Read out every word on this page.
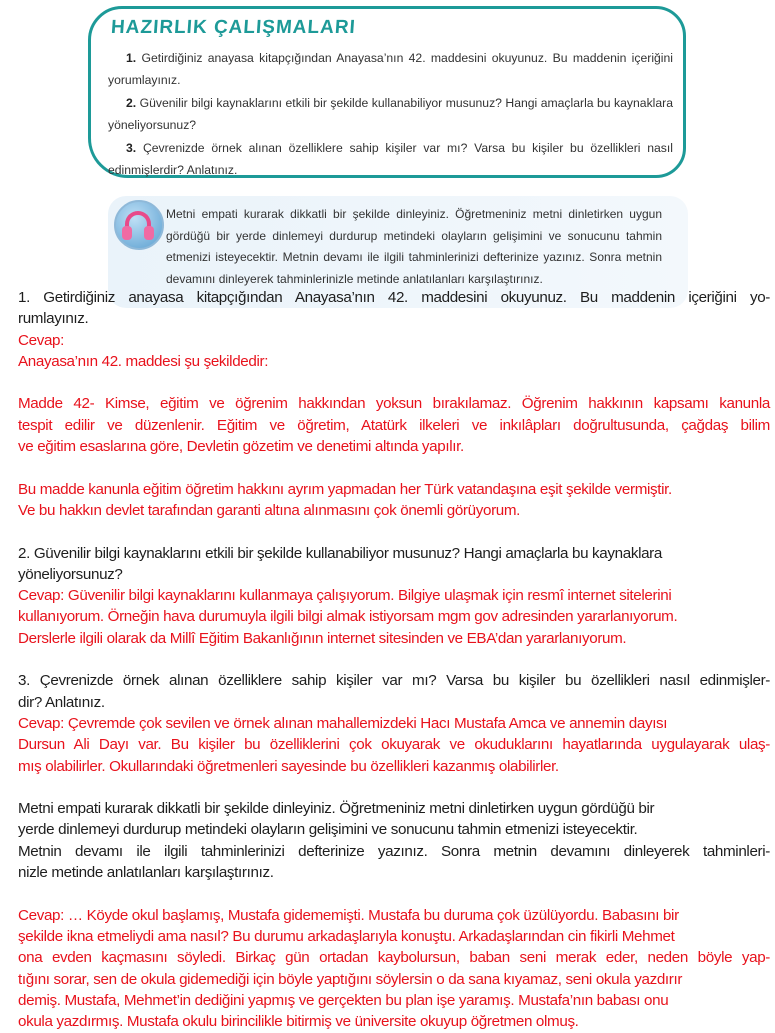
HAZIRLIK ÇALIŞMALARI

1. Getirdiğiniz anayasa kitapçığından Anayasa’nın 42. maddesini okuyunuz. Bu maddenin içeriğini yorumlayınız.

2. Güvenilir bilgi kaynaklarını etkili bir şekilde kullanabiliyor musunuz? Hangi amaçlarla bu kaynaklara yöneliyorsunuz?

3. Çevrenizde örnek alınan özelliklere sahip kişiler var mı? Varsa bu kişiler bu özellikleri nasıl edinmişlerdir? Anlatınız.

Metni empati kurarak dikkatli bir şekilde dinleyiniz. Öğretmeniniz metni dinletirken uygun gördüğü bir yerde dinlemeyi durdurup metindeki olayların gelişimini ve sonucunu tahmin etmenizi isteyecektir. Metnin devamı ile ilgili tahminlerinizi defterinize yazınız. Sonra metnin devamını dinleyerek tahminlerinizle metinde anlatılanları karşılaştırınız.
1. Getirdiğiniz anayasa kitapçığından Anayasa’nın 42. maddesini okuyunuz. Bu maddenin içeriğini yo-
rumlayınız.
Cevap:
Anayasa’nın 42. maddesi şu şekildedir:
Madde 42- Kimse, eğitim ve öğrenim hakkından yoksun bırakılamaz. Öğrenim hakkının kapsamı kanunla
tespit edilir ve düzenlenir. Eğitim ve öğretim, Atatürk ilkeleri ve inkılâpları doğrultusunda, çağdaş bilim
ve eğitim esaslarına göre, Devletin gözetim ve denetimi altında yapılır.
Bu madde kanunla eğitim öğretim hakkını ayrım yapmadan her Türk vatandaşına eşit şekilde vermiştir.
Ve bu hakkın devlet tarafından garanti altına alınmasını çok önemli görüyorum.
2. Güvenilir bilgi kaynaklarını etkili bir şekilde kullanabiliyor musunuz? Hangi amaçlarla bu kaynaklara
yöneliyorsunuz?
Cevap: Güvenilir bilgi kaynaklarını kullanmaya çalışıyorum. Bilgiye ulaşmak için resmî internet sitelerini
kullanıyorum. Örneğin hava durumuyla ilgili bilgi almak istiyorsam mgm gov adresinden yararlanıyorum.
Derslerle ilgili olarak da Millî Eğitim Bakanlığının internet sitesinden ve EBA’dan yararlanıyorum.
3. Çevrenizde örnek alınan özelliklere sahip kişiler var mı? Varsa bu kişiler bu özellikleri nasıl edinmişler-
dir? Anlatınız.
Cevap: Çevremde çok sevilen ve örnek alınan mahallemizdeki Hacı Mustafa Amca ve annemin dayısı
Dursun Ali Dayı var. Bu kişiler bu özelliklerini çok okuyarak ve okuduklarını hayatlarında uygulayarak ulaş-
mış olabilirler. Okullarındaki öğretmenleri sayesinde bu özellikleri kazanmış olabilirler.
Metni empati kurarak dikkatli bir şekilde dinleyiniz. Öğretmeniniz metni dinletirken uygun gördüğü bir
yerde dinlemeyi durdurup metindeki olayların gelişimini ve sonucunu tahmin etmenizi isteyecektir.
Metnin devamı ile ilgili tahminlerinizi defterinize yazınız. Sonra metnin devamını dinleyerek tahminleri-
nizle metinde anlatılanları karşılaştırınız.
Cevap: … Köyde okul başlamış, Mustafa gidememişti. Mustafa bu duruma çok üzülüyordu. Babasını bir
şekilde ikna etmeliydi ama nasıl? Bu durumu arkadaşlarıyla konuştu. Arkadaşlarından cin fikirli Mehmet
ona evden kaçmasını söyledi. Birkaç gün ortadan kaybolursun, baban seni merak eder, neden böyle yap-
tığını sorar, sen de okula gidemediği için böyle yaptığını söylersin o da sana kıyamaz, seni okula yazdırır
demiş. Mustafa, Mehmet’in dediğini yapmış ve gerçekten bu plan işe yaramış. Mustafa’nın babası onu
okula yazdırmış. Mustafa okulu birincilikle bitirmiş ve üniversite okuyup öğretmen olmuş.
